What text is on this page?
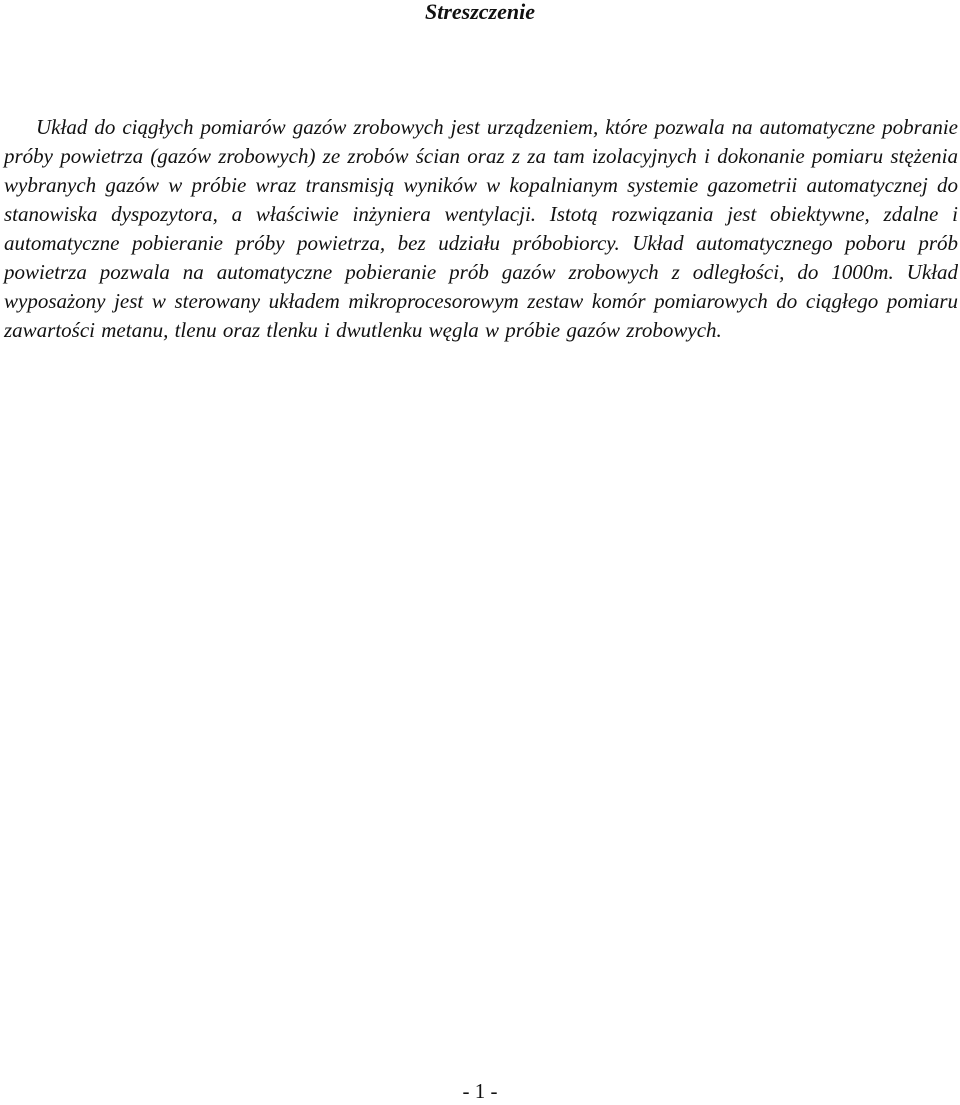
Streszczenie

Układ do ciągłych pomiarów gazów zrobowych jest urządzeniem, które pozwala na automatyczne pobranie próby powietrza (gazów zrobowych) ze zrobów ścian oraz z za tam izolacyjnych i dokonanie pomiaru stężenia wybranych gazów w próbie wraz transmisją wyników w kopalnianym systemie gazometrii automatycznej do stanowiska dyspozytora, a właściwie inżyniera wentylacji. Istotą rozwiązania jest obiektywne, zdalne i automatyczne pobieranie próby powietrza, bez udziału próbobiorcy. Układ automatycznego poboru prób powietrza pozwala na automatyczne pobieranie prób gazów zrobowych z odległości, do 1000m. Układ wyposażony jest w sterowany układem mikroprocesorowym zestaw komór pomiarowych do ciągłego pomiaru zawartości metanu, tlenu oraz tlenku i dwutlenku węgla w próbie gazów zrobowych.

- 1 -
